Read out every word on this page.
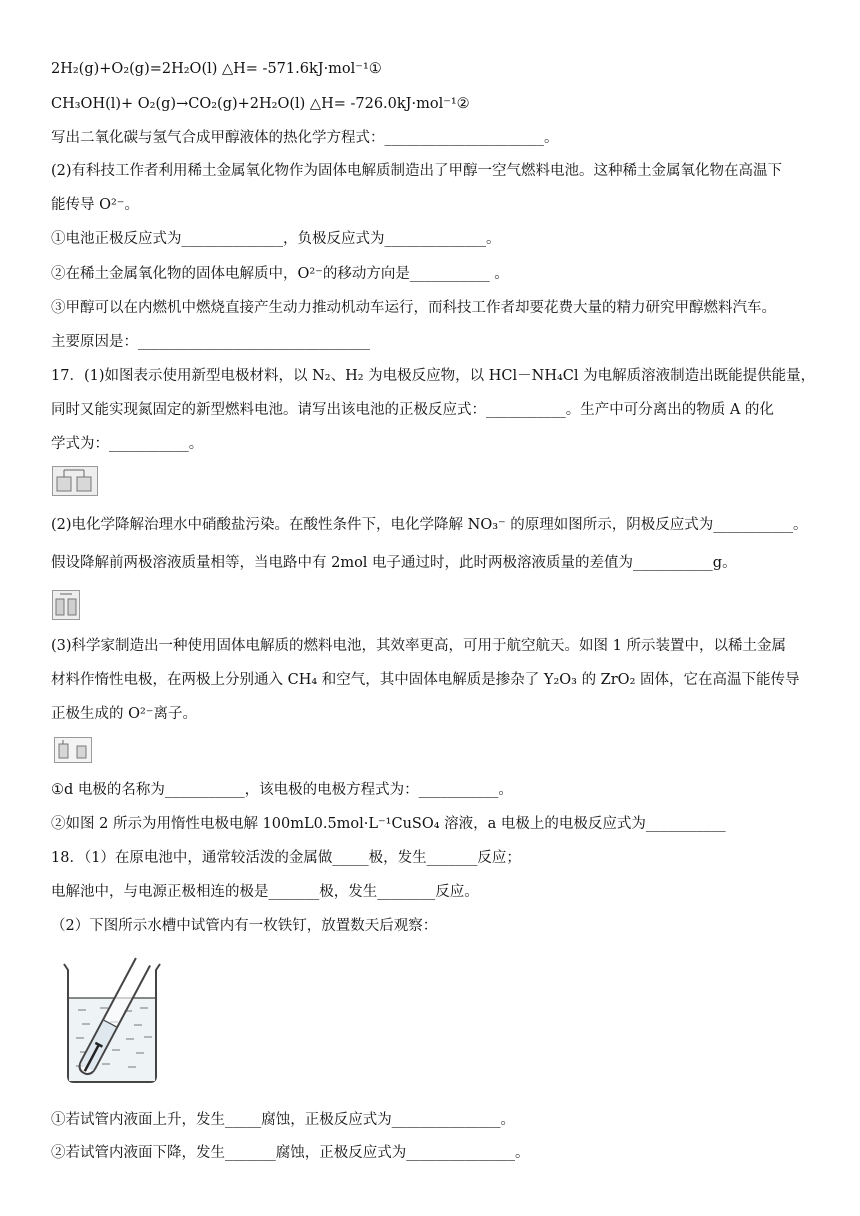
2H₂(g)+O₂(g)=2H₂O(l) △H= -571.6kJ·mol⁻¹①
CH₃OH(l)+ O₂(g)→CO₂(g)+2H₂O(l) △H= -726.0kJ·mol⁻¹②
写出二氧化碳与氢气合成甲醇液体的热化学方程式：______________________。
(2)有科技工作者利用稀土金属氧化物作为固体电解质制造出了甲醇一空气燃料电池。这种稀土金属氧化物在高温下
能传导 O²⁻。
①电池正极反应式为______________，负极反应式为______________。
②在稀土金属氧化物的固体电解质中，O²⁻的移动方向是___________ 。
③甲醇可以在内燃机中燃烧直接产生动力推动机动车运行，而科技工作者却要花费大量的精力研究甲醇燃料汽车。
主要原因是：________________________________
17．(1)如图表示使用新型电极材料，以 N₂、H₂ 为电极反应物，以 HCl－NH₄Cl 为电解质溶液制造出既能提供能量，
同时又能实现氮固定的新型燃料电池。请写出该电池的正极反应式：___________。生产中可分离出的物质 A 的化
学式为：___________。
(2)电化学降解治理水中硝酸盐污染。在酸性条件下，电化学降解 NO₃⁻ 的原理如图所示，阴极反应式为___________。
假设降解前两极溶液质量相等，当电路中有 2mol 电子通过时，此时两极溶液质量的差值为___________g。
(3)科学家制造出一种使用固体电解质的燃料电池，其效率更高，可用于航空航天。如图 1 所示装置中，以稀土金属
材料作惰性电极，在两极上分别通入 CH₄ 和空气，其中固体电解质是掺杂了 Y₂O₃ 的 ZrO₂ 固体，它在高温下能传导
正极生成的 O²⁻离子。
①d 电极的名称为___________，该电极的电极方程式为：___________。
②如图 2 所示为用惰性电极电解 100mL0.5mol·L⁻¹CuSO₄ 溶液，a 电极上的电极反应式为___________
18．（1）在原电池中，通常较活泼的金属做_____极，发生_______反应；
电解池中，与电源正极相连的极是_______极，发生________反应。
（2）下图所示水槽中试管内有一枚铁钉，放置数天后观察：
①若试管内液面上升，发生_____腐蚀，正极反应式为_______________。
②若试管内液面下降，发生_______腐蚀，正极反应式为_______________。
